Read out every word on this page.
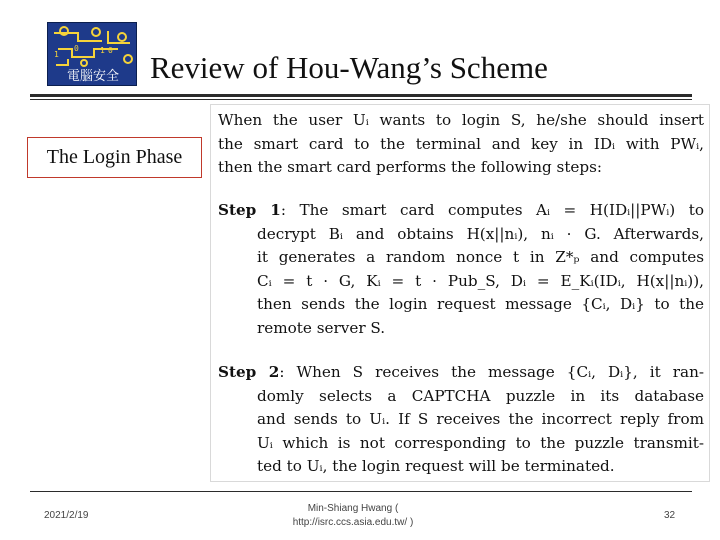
1 0
0
1
電腦安全 Review of Hou-Wang’s Scheme
The Login Phase
When the user Uᵢ wants to login S, he/she should insert
the smart card to the terminal and key in IDᵢ with PWᵢ,
then the smart card performs the following steps:
Step 1: The smart card computes Aᵢ = H(IDᵢ||PWᵢ) to
decrypt Bᵢ and obtains H(x||nᵢ), nᵢ · G. Afterwards,
it generates a random nonce t in Z*ₚ and computes
Cᵢ = t · G, Kᵢ = t · Pub_S, Dᵢ = E_Kᵢ(IDᵢ, H(x||nᵢ)),
then sends the login request message {Cᵢ, Dᵢ} to the
remote server S.
Step 2: When S receives the message {Cᵢ, Dᵢ}, it ran-
domly selects a CAPTCHA puzzle in its database
and sends to Uᵢ. If S receives the incorrect reply from
Uᵢ which is not corresponding to the puzzle transmit-
ted to Uᵢ, the login request will be terminated.
2021/2/19
Min-Shiang Hwang (
http://isrc.ccs.asia.edu.tw/ )
32
